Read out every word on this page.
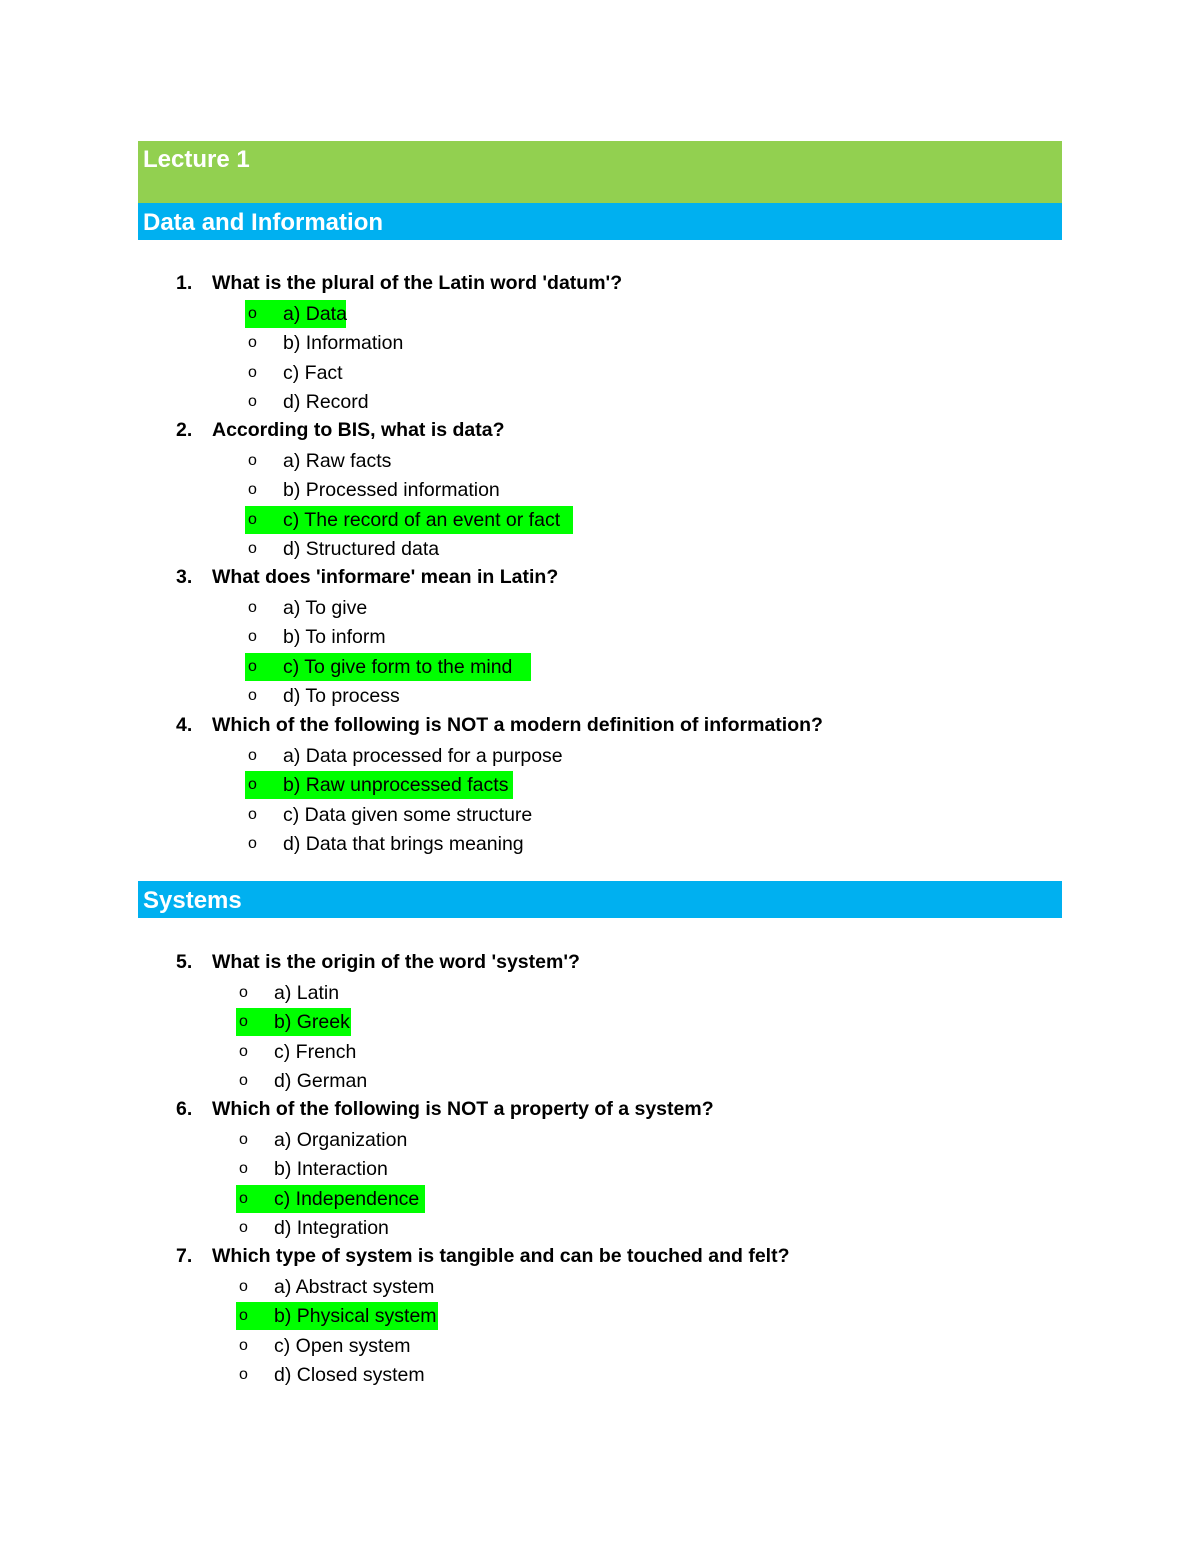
Lecture 1
Data and Information
Systems
1. What is the plural of the Latin word 'datum'?
o a) Data
o b) Information
o c) Fact
o d) Record
2. According to BIS, what is data?
o a) Raw facts
o b) Processed information
o c) The record of an event or fact
o d) Structured data
3. What does 'informare' mean in Latin?
o a) To give
o b) To inform
o c) To give form to the mind
o d) To process
4. Which of the following is NOT a modern definition of information?
o a) Data processed for a purpose
o b) Raw unprocessed facts
o c) Data given some structure
o d) Data that brings meaning
5. What is the origin of the word 'system'?
o a) Latin
o b) Greek
o c) French
o d) German
6. Which of the following is NOT a property of a system?
o a) Organization
o b) Interaction
o c) Independence
o d) Integration
7. Which type of system is tangible and can be touched and felt?
o a) Abstract system
o b) Physical system
o c) Open system
o d) Closed system
